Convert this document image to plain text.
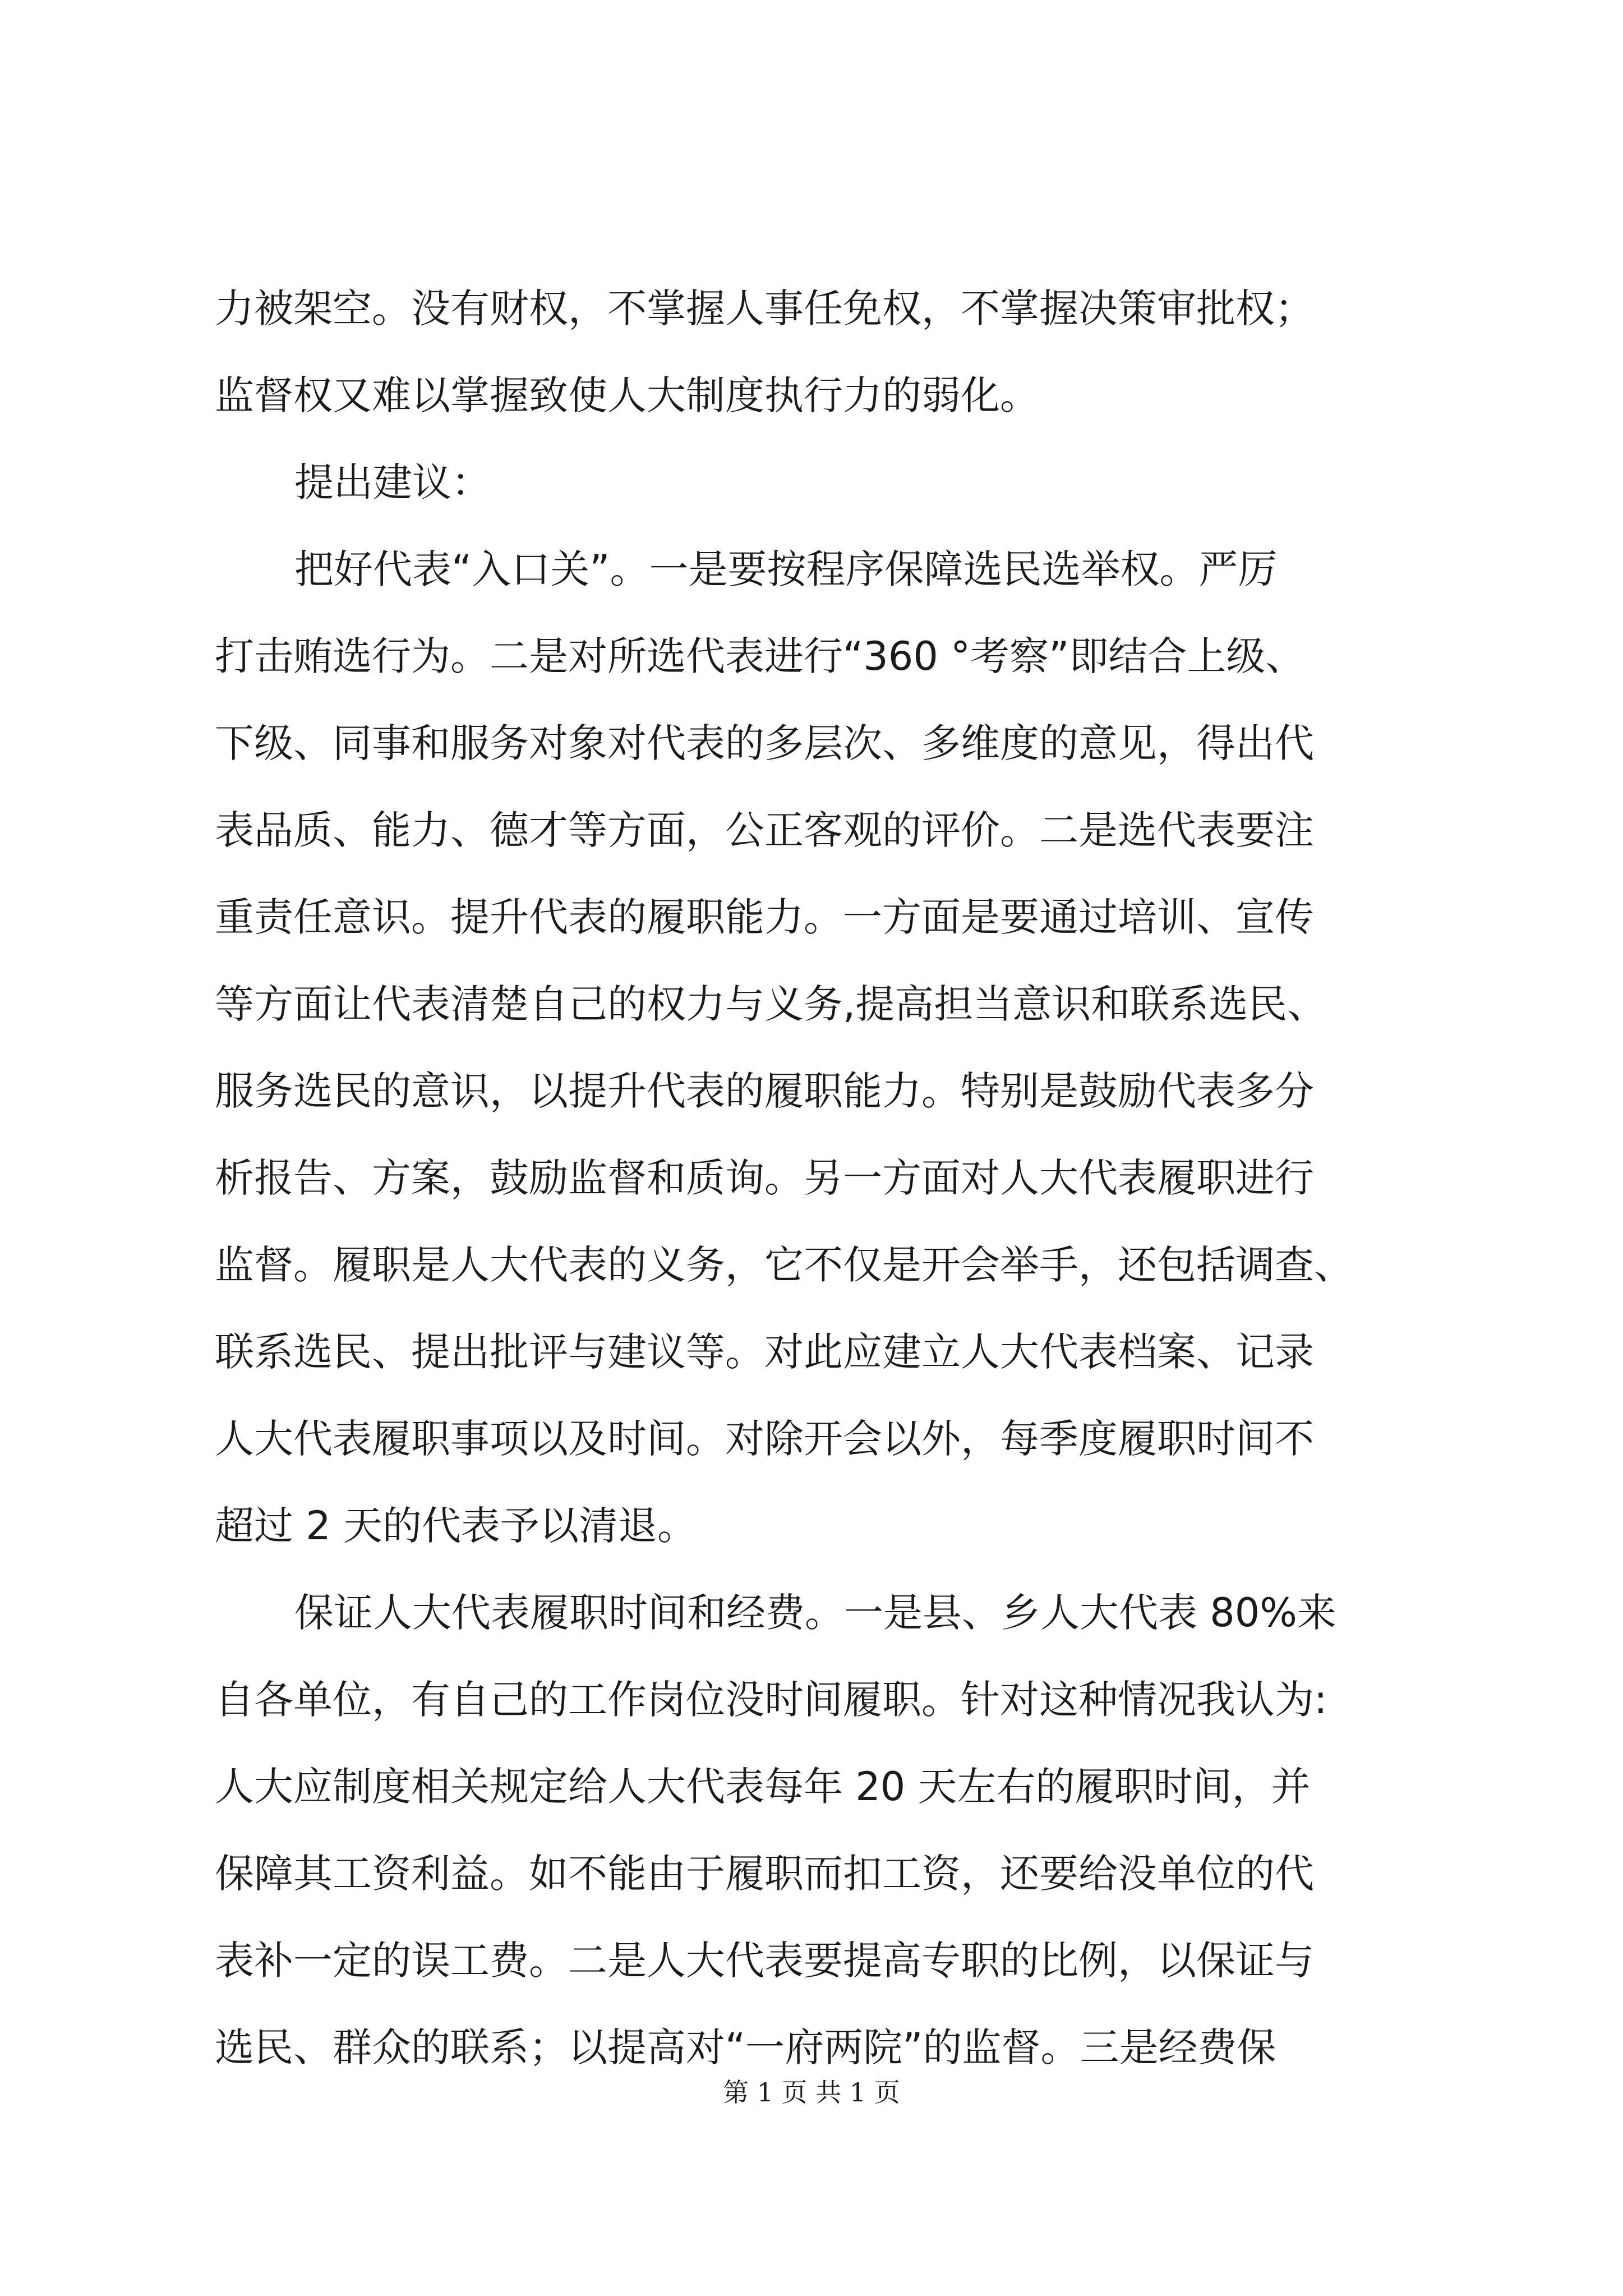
力被架空。没有财权，不掌握人事任免权，不掌握决策审批权；
监督权又难以掌握致使人大制度执行力的弱化。
提出建议：
把好代表“入口关”。一是要按程序保障选民选举权。严厉
打击贿选行为。二是对所选代表进行“360 °考察”即结合上级、
下级、同事和服务对象对代表的多层次、多维度的意见，得出代
表品质、能力、德才等方面，公正客观的评价。二是选代表要注
重责任意识。提升代表的履职能力。一方面是要通过培训、宣传
等方面让代表清楚自己的权力与义务,提高担当意识和联系选民、
服务选民的意识，以提升代表的履职能力。特别是鼓励代表多分
析报告、方案，鼓励监督和质询。另一方面对人大代表履职进行
监督。履职是人大代表的义务，它不仅是开会举手，还包括调查、
联系选民、提出批评与建议等。对此应建立人大代表档案、记录
人大代表履职事项以及时间。对除开会以外，每季度履职时间不
超过 2 天的代表予以清退。
保证人大代表履职时间和经费。一是县、乡人大代表 80%来
自各单位，有自己的工作岗位没时间履职。针对这种情况我认为:
人大应制度相关规定给人大代表每年 20 天左右的履职时间，并
保障其工资利益。如不能由于履职而扣工资，还要给没单位的代
表补一定的误工费。二是人大代表要提高专职的比例，以保证与
选民、群众的联系；以提高对“一府两院”的监督。三是经费保
第 1 页 共 1 页
